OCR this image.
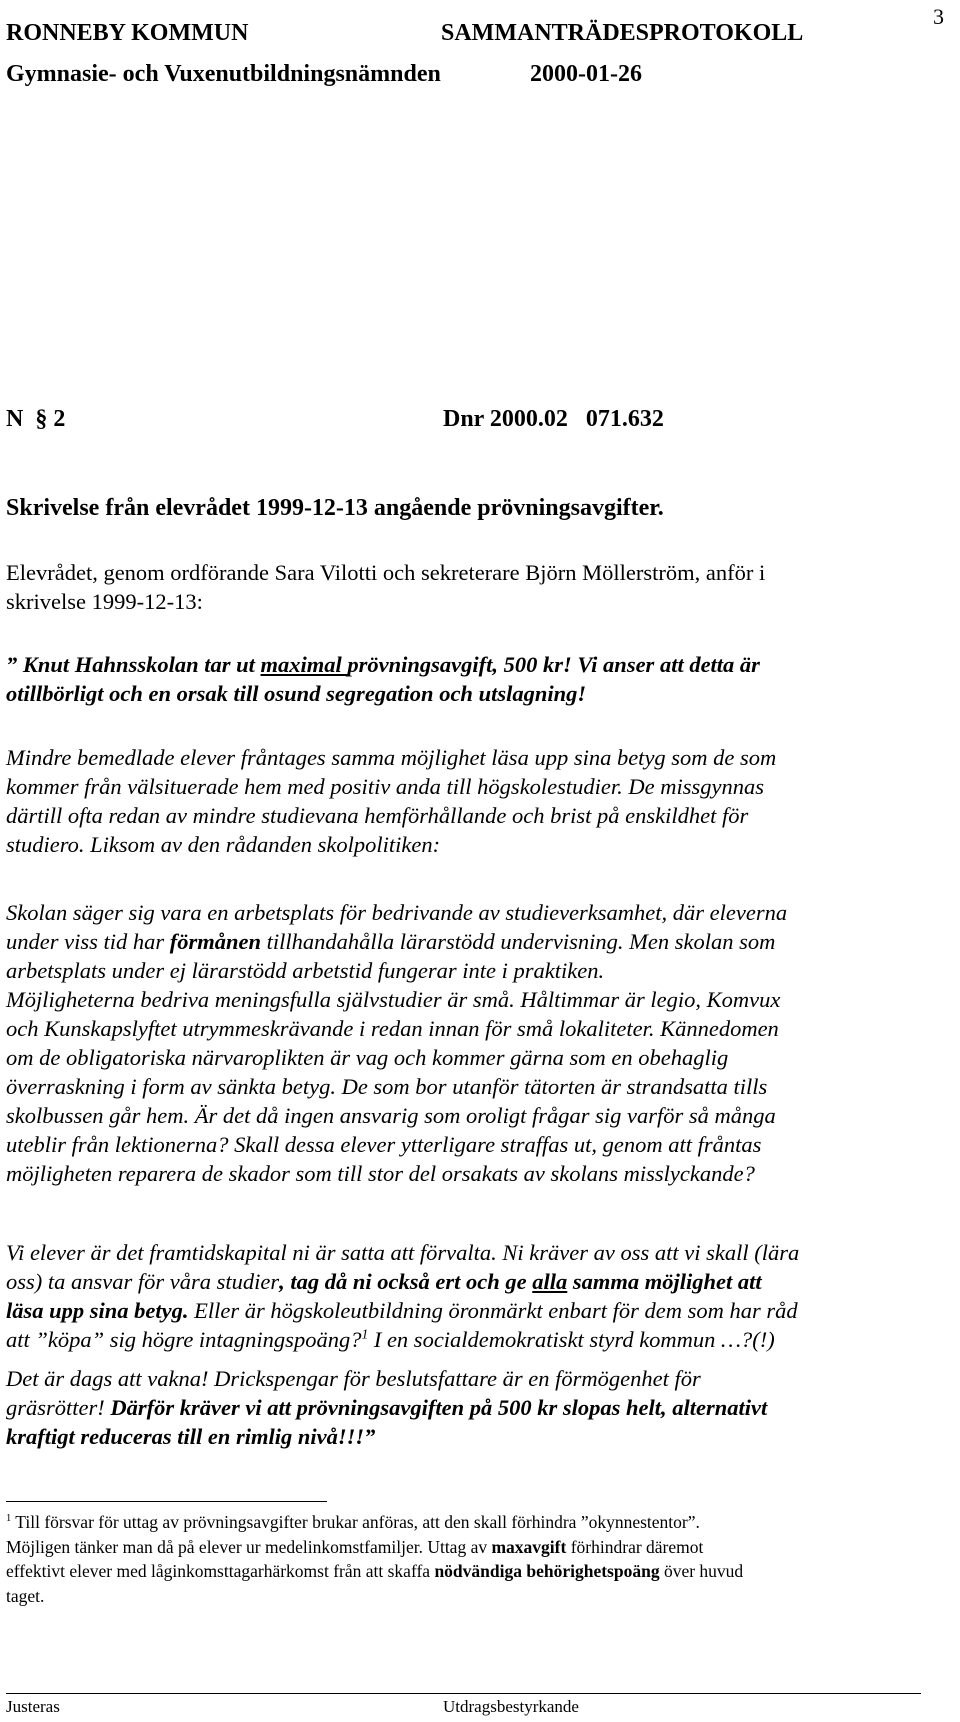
3
RONNEBY KOMMUN	SAMMANTRÄDESPROTOKOLL
Gymnasie- och Vuxenutbildningsnämnden	2000-01-26
N § 2	Dnr 2000.02   071.632
Skrivelse från elevrådet 1999-12-13 angående prövningsavgifter.
Elevrådet, genom ordförande Sara Vilotti och sekreterare Björn Möllerström, anför i
skrivelse 1999-12-13:
” Knut Hahnsskolan tar ut maximal prövningsavgift, 500 kr! Vi anser att detta är
otillbörligt och en orsak till osund segregation och utslagning!
Mindre bemedlade elever fråntages samma möjlighet läsa upp sina betyg som de som
kommer från välsituerade hem med positiv anda till högskolestudier. De missgynnas
därtill ofta redan av mindre studievana hemförhållande och brist på enskildhet för
studiero. Liksom av den rådanden skolpolitiken:
Skolan säger sig vara en arbetsplats för bedrivande av studieverksamhet, där eleverna
under viss tid har förmånen tillhandahålla lärarstödd undervisning. Men skolan som
arbetsplats under ej lärarstödd arbetstid fungerar inte i praktiken.
Möjligheterna bedriva meningsfulla självstudier är små. Håltimmar är legio, Komvux
och Kunskapslyftet utrymmeskrävande i redan innan för små lokaliteter. Kännedomen
om de obligatoriska närvaroplikten är vag och kommer gärna som en obehaglig
överraskning i form av sänkta betyg. De som bor utanför tätorten är strandsatta tills
skolbussen går hem. Är det då ingen ansvarig som oroligt frågar sig varför så många
uteblir från lektionerna? Skall dessa elever ytterligare straffas ut, genom att fråntas
möjligheten reparera de skador som till stor del orsakats av skolans misslyckande?
Vi elever är det framtidskapital ni är satta att förvalta. Ni kräver av oss att vi skall (lära
oss) ta ansvar för våra studier, tag då ni också ert och ge alla samma möjlighet att
läsa upp sina betyg. Eller är högskoleutbildning öronmärkt enbart för dem som har råd
att ”köpa” sig högre intagningspoäng?$^1$ I en socialdemokratiskt styrd kommun …?(!)
Det är dags att vakna! Drickspengar för beslutsfattare är en förmögenhet för
gräsrötter! Därför kräver vi att prövningsavgiften på 500 kr slopas helt, alternativt
kraftigt reduceras till en rimlig nivå!!!”
$^1$ Till försvar för uttag av prövningsavgifter brukar anföras, att den skall förhindra ”okynnestentor”.
Möjligen tänker man då på elever ur medelinkomstfamiljer. Uttag av maxavgift förhindrar däremot
effektivt elever med låginkomsttagarhärkomst från att skaffa nödvändiga behörighetspoäng över huvud
taget.
Justeras	Utdragsbestyrkande
